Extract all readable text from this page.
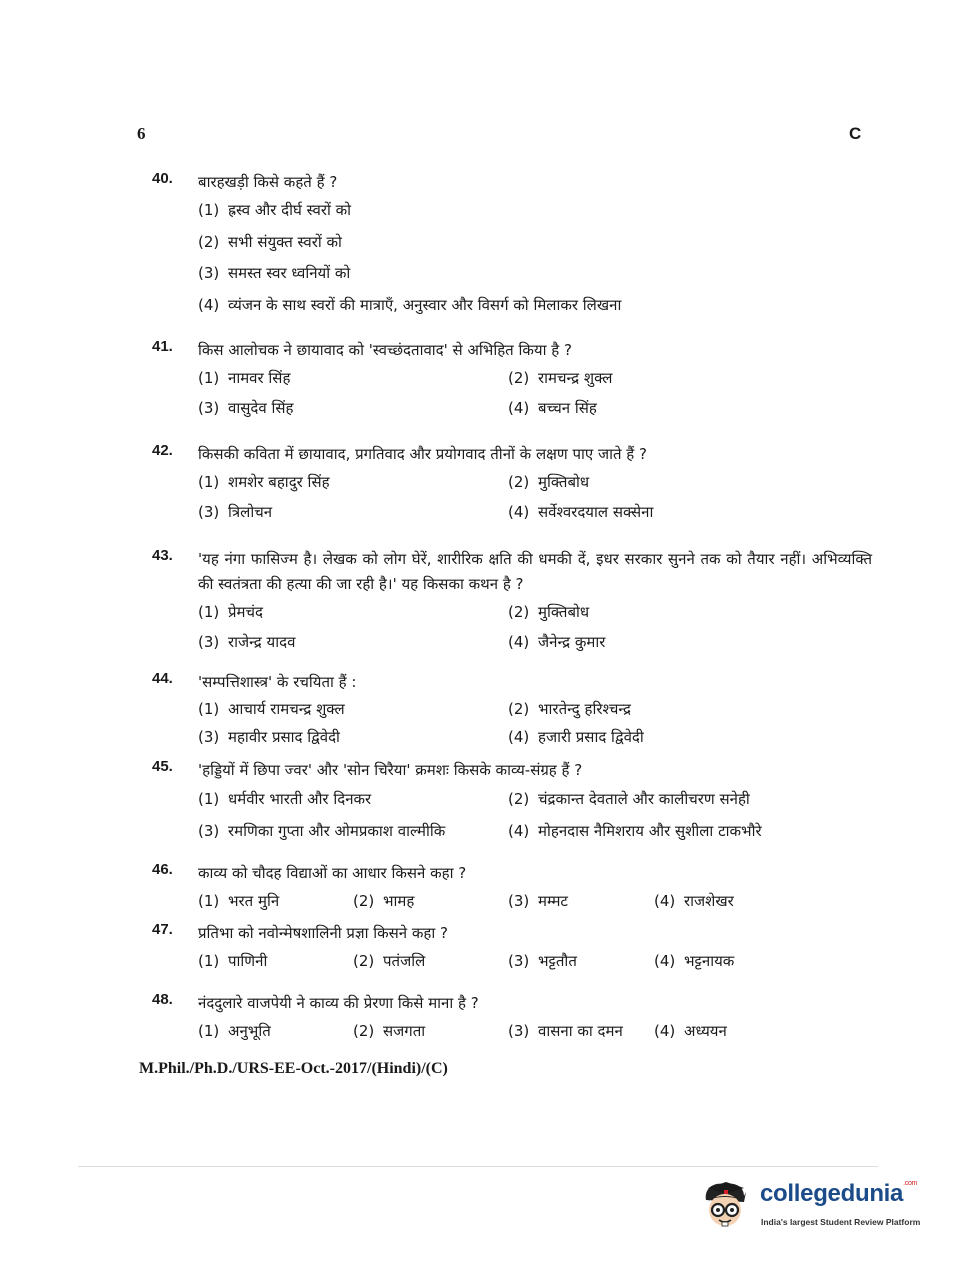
6	C
40.	बारहखड़ी किसे कहते हैं ?
(1) ह्रस्व और दीर्घ स्वरों को
(2) सभी संयुक्त स्वरों को
(3) समस्त स्वर ध्वनियों को
(4) व्यंजन के साथ स्वरों की मात्राएँ, अनुस्वार और विसर्ग को मिलाकर लिखना
41.	किस आलोचक ने छायावाद को 'स्वच्छंदतावाद' से अभिहित किया है ?
(1) नामवर सिंह	(2) रामचन्द्र शुक्ल
(3) वासुदेव सिंह	(4) बच्चन सिंह
42.	किसकी कविता में छायावाद, प्रगतिवाद और प्रयोगवाद तीनों के लक्षण पाए जाते हैं ?
(1) शमशेर बहादुर सिंह	(2) मुक्तिबोध
(3) त्रिलोचन	(4) सर्वेश्वरदयाल सक्सेना
43.	'यह नंगा फासिज्म है। लेखक को लोग घेरें, शारीरिक क्षति की धमकी दें, इधर सरकार सुनने तक को तैयार नहीं। अभिव्यक्ति की स्वतंत्रता की हत्या की जा रही है।' यह किसका कथन है ?
(1) प्रेमचंद	(2) मुक्तिबोध
(3) राजेन्द्र यादव	(4) जैनेन्द्र कुमार
44.	'सम्पत्तिशास्त्र' के रचयिता हैं :
(1) आचार्य रामचन्द्र शुक्ल	(2) भारतेन्दु हरिश्चन्द्र
(3) महावीर प्रसाद द्विवेदी	(4) हजारी प्रसाद द्विवेदी
45.	'हड्डियों में छिपा ज्वर' और 'सोन चिरैया' क्रमशः किसके काव्य-संग्रह हैं ?
(1) धर्मवीर भारती और दिनकर	(2) चंद्रकान्त देवताले और कालीचरण सनेही
(3) रमणिका गुप्ता और ओमप्रकाश वाल्मीकि	(4) मोहनदास नैमिशराय और सुशीला टाकभौरे
46.	काव्य को चौदह विद्याओं का आधार किसने कहा ?
(1) भरत मुनि	(2) भामह	(3) मम्मट	(4) राजशेखर
47.	प्रतिभा को नवोन्मेषशालिनी प्रज्ञा किसने कहा ?
(1) पाणिनी	(2) पतंजलि	(3) भट्टतौत	(4) भट्टनायक
48.	नंददुलारे वाजपेयी ने काव्य की प्रेरणा किसे माना है ?
(1) अनुभूति	(2) सजगता	(3) वासना का दमन	(4) अध्ययन
M.Phil./Ph.D./URS-EE-Oct.-2017/(Hindi)/(C)
collegedunia$^{.com}$
India's largest Student Review Platform
